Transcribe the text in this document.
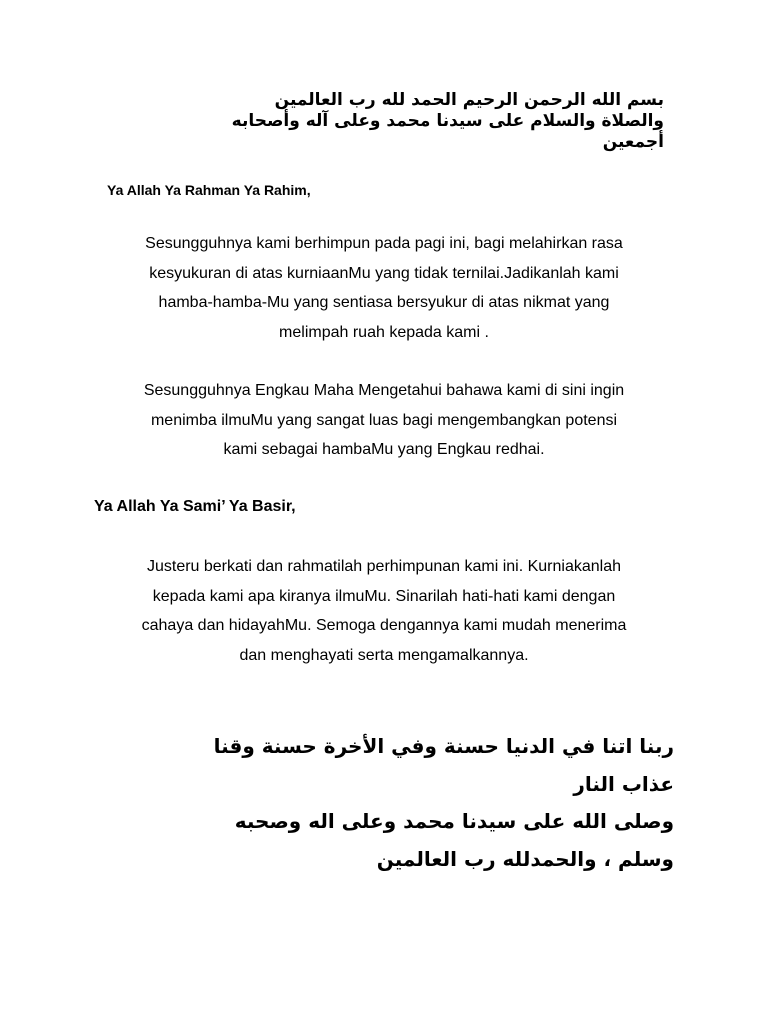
بسم الله الرحمن الرحيم الحمد لله رب العالمين
والصلاة والسلام على سيدنا محمد وعلى آله وأصحابه
أجمعين
Ya Allah Ya Rahman Ya Rahim,

Sesungguhnya kami berhimpun pada pagi ini, bagi melahirkan rasa
kesyukuran di atas kurniaanMu yang tidak ternilai.Jadikanlah kami
hamba-hamba-Mu yang sentiasa bersyukur di atas nikmat yang
melimpah ruah kepada kami .

Sesungguhnya Engkau Maha Mengetahui bahawa kami di sini ingin
menimba ilmuMu yang sangat luas bagi mengembangkan potensi
kami sebagai hambaMu yang Engkau redhai.

Ya Allah Ya Sami’ Ya Basir,

Justeru berkati dan rahmatilah perhimpunan kami ini. Kurniakanlah
kepada kami apa kiranya ilmuMu. Sinarilah hati-hati kami dengan
cahaya dan hidayahMu. Semoga dengannya kami mudah menerima
dan menghayati serta mengamalkannya.

ربنا اتنا في الدنيا حسنة وفي الأخرة حسنة وقنا
عذاب النار
وصلى الله على سيدنا محمد وعلى اله وصحبه
وسلم ، والحمدلله رب العالمين
